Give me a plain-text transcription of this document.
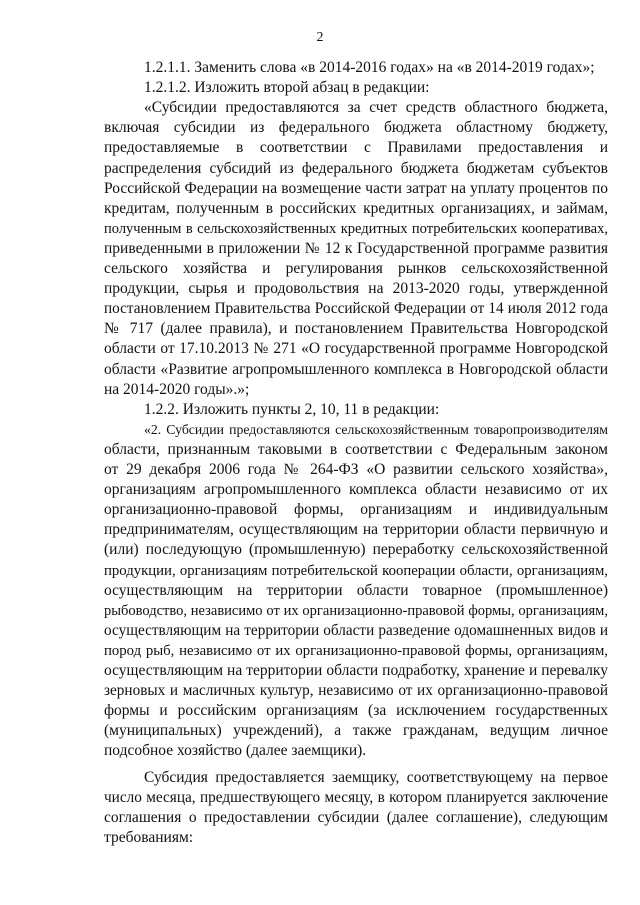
2
1.2.1.1. Заменить слова «в 2014-2016 годах» на «в 2014-2019 годах»;
1.2.1.2. Изложить второй абзац в редакции:
«Субсидии предоставляются за счет средств областного бюджета,
включая субсидии из федерального бюджета областному бюджету,
предоставляемые в соответствии с Правилами предоставления и
распределения субсидий из федерального бюджета бюджетам субъектов
Российской Федерации на возмещение части затрат на уплату процентов по
кредитам, полученным в российских кредитных организациях, и займам,
полученным в сельскохозяйственных кредитных потребительских кооперативах,
приведенными в приложении № 12 к Государственной программе развития
сельского хозяйства и регулирования рынков сельскохозяйственной
продукции, сырья и продовольствия на 2013-2020 годы, утвержденной
постановлением Правительства Российской Федерации от 14 июля 2012 года
№ 717 (далее правила), и постановлением Правительства Новгородской
области от 17.10.2013 № 271 «О государственной программе Новгородской
области «Развитие агропромышленного комплекса в Новгородской области
на 2014-2020 годы».»;
1.2.2. Изложить пункты 2, 10, 11 в редакции:
«2. Субсидии предоставляются сельскохозяйственным товаропроизводителям
области, признанным таковыми в соответствии с Федеральным законом
от 29 декабря 2006 года № 264-ФЗ «О развитии сельского хозяйства»,
организациям агропромышленного комплекса области независимо от их
организационно-правовой формы, организациям и индивидуальным
предпринимателям, осуществляющим на территории области первичную и
(или) последующую (промышленную) переработку сельскохозяйственной
продукции, организациям потребительской кооперации области, организациям,
осуществляющим на территории области товарное (промышленное)
рыбоводство, независимо от их организационно-правовой формы, организациям,
осуществляющим на территории области разведение одомашненных видов и
пород рыб, независимо от их организационно-правовой формы, организациям,
осуществляющим на территории области подработку, хранение и перевалку
зерновых и масличных культур, независимо от их организационно-правовой
формы и российским организациям (за исключением государственных
(муниципальных) учреждений), а также гражданам, ведущим личное
подсобное хозяйство (далее заемщики).
Субсидия предоставляется заемщику, соответствующему на первое
число месяца, предшествующего месяцу, в котором планируется заключение
соглашения о предоставлении субсидии (далее соглашение), следующим
требованиям:
